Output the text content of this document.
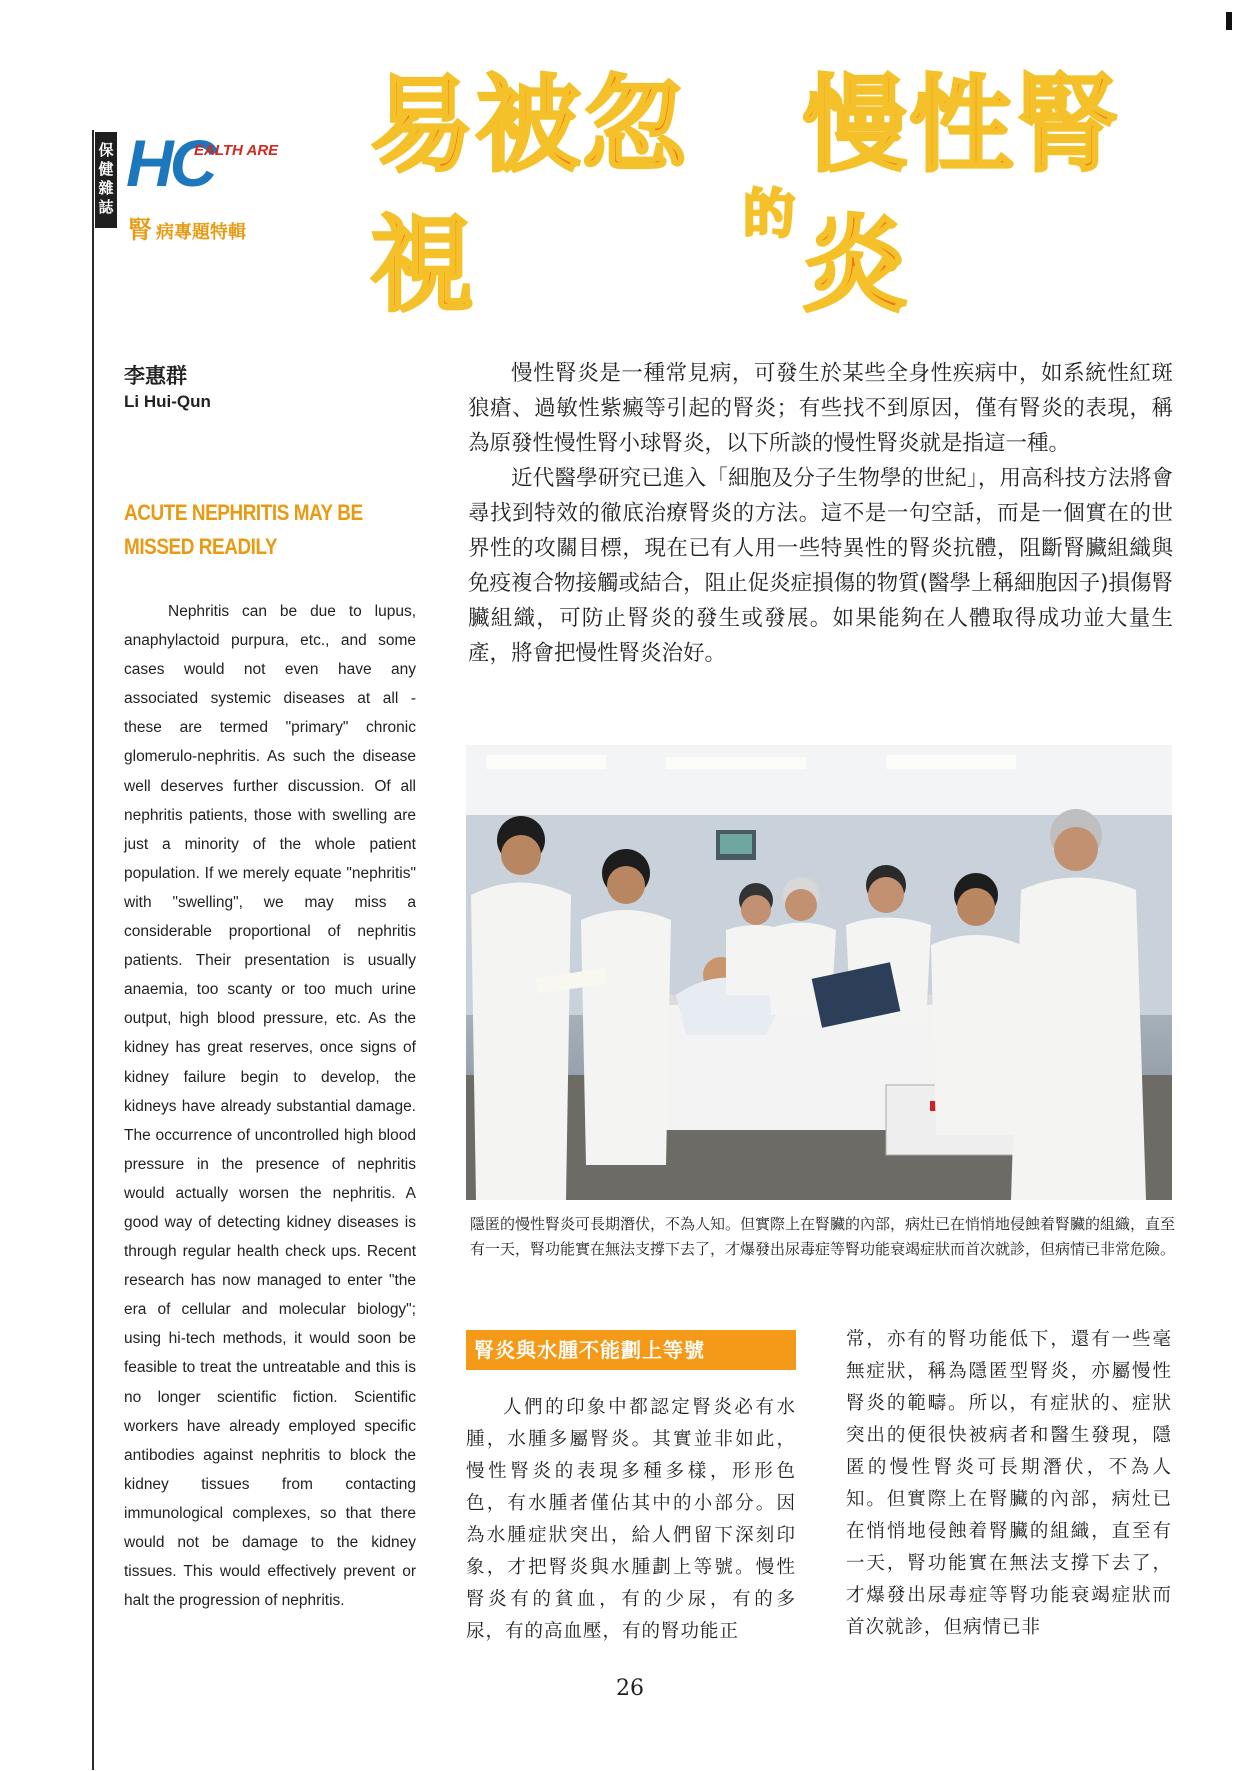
保健雜誌 HC
EALTH ARE
腎 病專題特輯
易被忽視	的
慢性腎炎
李惠群
Li Hui-Qun
ACUTE NEPHRITIS MAY BE MISSED READILY

Nephritis can be due to lupus, anaphylactoid purpura, etc., and some cases would not even have any associated systemic diseases at all - these are termed "primary" chronic glomerulo-nephritis. As such the disease well deserves further discussion. Of all nephritis patients, those with swelling are just a minority of the whole patient population. If we merely equate "nephritis" with "swelling", we may miss a considerable proportional of nephritis patients. Their presentation is usually anaemia, too scanty or too much urine output, high blood pressure, etc. As the kidney has great reserves, once signs of kidney failure begin to develop, the kidneys have already substantial damage. The occurrence of uncontrolled high blood pressure in the presence of nephritis would actually worsen the nephritis. A good way of detecting kidney diseases is through regular health check ups. Recent research has now managed to enter "the era of cellular and molecular biology"; using hi-tech methods, it would soon be feasible to treat the untreatable and this is no longer scientific fiction. Scientific workers have already employed specific antibodies against nephritis to block the kidney tissues from contacting immunological complexes, so that there would not be damage to the kidney tissues. This would effectively prevent or halt the progression of nephritis.

慢性腎炎是一種常見病，可發生於某些全身性疾病中，如系統性紅斑狼瘡、過敏性紫癜等引起的腎炎；有些找不到原因，僅有腎炎的表現，稱為原發性慢性腎小球腎炎，以下所談的慢性腎炎就是指這一種。

近代醫學研究已進入「細胞及分子生物學的世紀」，用高科技方法將會尋找到特效的徹底治療腎炎的方法。這不是一句空話，而是一個實在的世界性的攻關目標，現在已有人用一些特異性的腎炎抗體，阻斷腎臟組織與免疫複合物接觸或結合，阻止促炎症損傷的物質(醫學上稱細胞因子)損傷腎臟組織，可防止腎炎的發生或發展。如果能夠在人體取得成功並大量生產，將會把慢性腎炎治好。

隱匿的慢性腎炎可長期潛伏，不為人知。但實際上在腎臟的內部，病灶已在悄悄地侵蝕着腎臟的組織，直至有一天，腎功能實在無法支撐下去了，才爆發出尿毒症等腎功能衰竭症狀而首次就診，但病情已非常危險。

腎炎與水腫不能劃上等號

人們的印象中都認定腎炎必有水腫，水腫多屬腎炎。其實並非如此，慢性腎炎的表現多種多樣，形形色色，有水腫者僅佔其中的小部分。因為水腫症狀突出，給人們留下深刻印象，才把腎炎與水腫劃上等號。慢性腎炎有的貧血，有的少尿，有的多尿，有的高血壓，有的腎功能正

常，亦有的腎功能低下，還有一些毫無症狀，稱為隱匿型腎炎，亦屬慢性腎炎的範疇。所以，有症狀的、症狀突出的便很快被病者和醫生發現，隱匿的慢性腎炎可長期潛伏，不為人知。但實際上在腎臟的內部，病灶已在悄悄地侵蝕着腎臟的組織，直至有一天，腎功能實在無法支撐下去了，才爆發出尿毒症等腎功能衰竭症狀而首次就診，但病情已非

26
